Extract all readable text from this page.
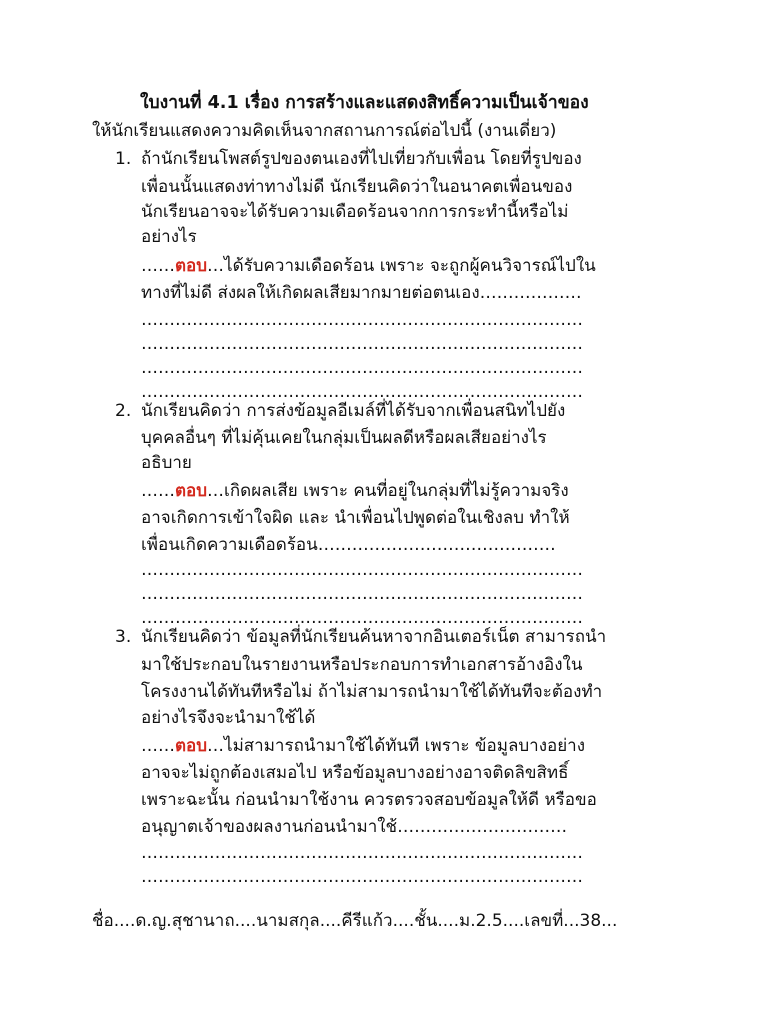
ใบงานที่ 4.1 เรื่อง การสร้างและแสดงสิทธิ์ความเป็นเจ้าของ
ให้นักเรียนแสดงความคิดเห็นจากสถานการณ์ต่อไปนี้ (งานเดี่ยว)
1. ถ้านักเรียนโพสต์รูปของตนเองที่ไปเที่ยวกับเพื่อน โดยที่รูปของ
เพื่อนนั้นแสดงท่าทางไม่ดี นักเรียนคิดว่าในอนาคตเพื่อนของ
นักเรียนอาจจะได้รับความเดือดร้อนจากการกระทำนี้หรือไม่
อย่างไร
……ตอบ…ได้รับความเดือดร้อน เพราะ จะถูกผู้คนวิจารณ์ไปใน
ทางที่ไม่ดี ส่งผลให้เกิดผลเสียมากมายต่อตนเอง………………
……………………………………………………………………
……………………………………………………………………
……………………………………………………………………
……………………………………………………………………
2. นักเรียนคิดว่า การส่งข้อมูลอีเมล์ที่ได้รับจากเพื่อนสนิทไปยัง
บุคคลอื่นๆ ที่ไม่คุ้นเคยในกลุ่มเป็นผลดีหรือผลเสียอย่างไร
อธิบาย
……ตอบ…เกิดผลเสีย เพราะ คนที่อยู่ในกลุ่มที่ไม่รู้ความจริง
อาจเกิดการเข้าใจผิด และ นำเพื่อนไปพูดต่อในเชิงลบ ทำให้
เพื่อนเกิดความเดือดร้อน……………………………………
……………………………………………………………………
……………………………………………………………………
……………………………………………………………………
3. นักเรียนคิดว่า ข้อมูลที่นักเรียนค้นหาจากอินเตอร์เน็ต สามารถนำ
มาใช้ประกอบในรายงานหรือประกอบการทำเอกสารอ้างอิงใน
โครงงานได้ทันทีหรือไม่ ถ้าไม่สามารถนำมาใช้ได้ทันทีจะต้องทำ
อย่างไรจึงจะนำมาใช้ได้
……ตอบ…ไม่สามารถนำมาใช้ได้ทันที เพราะ ข้อมูลบางอย่าง
อาจจะไม่ถูกต้องเสมอไป หรือข้อมูลบางอย่างอาจติดลิขสิทธิ์
เพราะฉะนั้น ก่อนนำมาใช้งาน ควรตรวจสอบข้อมูลให้ดี หรือขอ
อนุญาตเจ้าของผลงานก่อนนำมาใช้…………………………
……………………………………………………………………
……………………………………………………………………
ชื่อ....ด.ญ.สุชานาถ....นามสกุล....คีรีแก้ว....ชั้น....ม.2.5....เลขที่...38...
